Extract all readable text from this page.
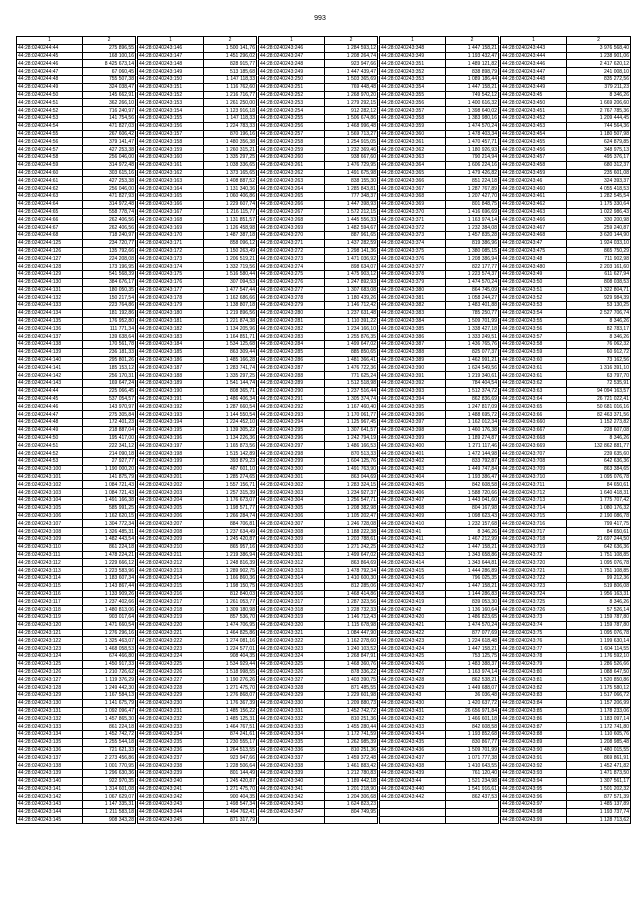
993
1	2		1	2		1	2		1	2		1	2
44:28:0240244:44	275 896,55		44:28:0240243:146	1 500 141,76		44:28:0240243:246	1 284 593,12		44:28:0240243:348	1 447 158,21		44:28:0240243:443	3 976 568,40
44:28:0240244:45	168 100,16		44:28:0240243:147	1 451 296,02		44:28:0240243:247	1 208 264,74		44:28:0240243:349	1 193 432,47		44:28:0240243:444	1 238 901,06
44:28:0240244:46	8 425 673,14		44:28:0240243:148	828 915,77		44:28:0240243:248	923 947,66		44:28:0240243:351	1 489 121,82		44:28:0240243:446	2 417 620,12
44:28:0240244:47	67 060,45		44:28:0240243:149	513 185,68		44:28:0240243:249	1 447 439,47		44:28:0240243:352	838 898,79		44:28:0240243:447	241 008,10
44:28:0240244:48	755 507,38		44:28:0240243:150	1 147 118,33		44:28:0240243:250	1 503 365,69		44:28:0240243:353	1 089 186,44		44:28:0240243:448	835 272,56
44:28:0240244:49	324 038,47		44:28:0240243:151	1 116 762,60		44:28:0240243:251	769 448,48		44:28:0240243:354	1 447 158,21		44:28:0240243:449	379 211,23
44:28:0240244:50	145 662,91		44:28:0240243:152	1 216 716,77		44:28:0240243:252	1 268 970,20		44:28:0240243:355	749 542,12		44:28:0240243:45	8 346,26
44:28:0240244:51	362 266,10		44:28:0240243:153	1 261 250,00		44:28:0240243:253	1 279 292,15		44:28:0240243:356	1 400 616,32		44:28:0240243:450	1 669 206,60
44:28:0240244:52	716 240,97		44:28:0240243:154	1 123 916,18		44:28:0240243:254	912 282,12		44:28:0240243:357	1 398 640,02		44:28:0240243:451	2 767 785,36
44:28:0240244:53	141 754,56		44:28:0240243:155	1 147 118,33		44:28:0240243:255	1 506 674,86		44:28:0240243:358	1 383 980,16		44:28:0240243:452	1 209 444,45
44:28:0240244:54	471 827,03		44:28:0240243:156	1 224 783,33		44:28:0240243:256	1 468 996,48		44:28:0240243:359	1 474 570,24		44:28:0240243:453	744 564,36
44:28:0240244:55	267 606,42		44:28:0240243:157	870 196,16		44:28:0240243:257	1 569 713,27		44:28:0240243:360	1 478 403,34		44:28:0240243:454	1 180 507,98
44:28:0240244:56	379 141,47		44:28:0240243:158	1 480 356,38		44:28:0240243:258	1 254 915,05		44:28:0240243:361	1 470 457,71		44:28:0240243:455	624 879,85
44:28:0240244:57	427 253,38		44:28:0240243:159	1 260 315,21		44:28:0240243:259	1 232 369,46		44:28:0240243:362	1 180 926,93		44:28:0240243:456	348 975,13
44:28:0240244:58	256 046,00		44:28:0240243:160	1 335 297,25		44:28:0240243:260	938 667,60		44:28:0240243:363	790 214,94		44:28:0240243:457	495 376,17
44:28:0240244:59	314 972,48		44:28:0240243:161	1 038 336,65		44:28:0240243:261	1 476 729,95		44:28:0240243:364	1 606 224,16		44:28:0240243:458	680 312,37
44:28:0240244:60	303 615,16		44:28:0240243:162	1 373 165,65		44:28:0240243:262	1 491 675,98		44:28:0240243:365	1 479 426,82		44:28:0240243:459	235 601,08
44:28:0240244:61	427 253,38		44:28:0240243:163	1 408 887,52		44:28:0240243:263	838 155,30		44:28:0240243:366	851 224,18		44:28:0240243:46	324 393,37
44:28:0240244:62	256 046,00		44:28:0240243:164	1 131 340,36		44:28:0240243:264	1 285 843,81		44:28:0240243:367	1 287 767,89		44:28:0240243:460	4 055 418,53
44:28:0240244:63	471 827,93		44:28:0240243:165	1 060 406,86		44:28:0240243:265	777 348,37		44:28:0240243:368	1 207 427,70		44:28:0240243:461	1 282 545,54
44:28:0240244:64	314 972,48		44:28:0240243:166	1 229 607,74		44:28:0240243:266	1 447 398,93		44:28:0240243:369	801 848,75		44:28:0240243:462	1 175 330,64
44:28:0240244:65	558 778,74		44:28:0240243:167	1 216 115,77		44:28:0240243:267	1 572 212,15		44:28:0240243:370	1 416 696,69		44:28:0240243:463	1 022 986,43
44:28:0240244:66	262 406,56		44:28:0240243:168	1 131 851,57		44:28:0240243:268	1 445 556,33		44:28:0240243:371	1 163 974,14		44:28:0240243:466	330 200,98
44:28:0240244:67	262 406,56		44:28:0240243:169	1 126 458,98		44:28:0240243:269	1 482 594,67		44:28:0240243:372	1 232 384,08		44:28:0240243:467	259 240,87
44:28:0240244:68	718 240,97		44:28:0240243:170	1 487 387,18		44:28:0240243:270	887 961,65		44:28:0240243:373	1 457 835,28		44:28:0240243:468	3 620 144,90
44:28:0240244:125	234 720,77		44:28:0240243:171	858 096,12		44:28:0240243:271	1 437 282,59		44:28:0240243:374	819 386,96		44:28:0240243:47	1 924 033,10
44:28:0240244:126	135 792,66		44:28:0240243:172	1 150 263,49		44:28:0240243:272	1 298 141,36		44:28:0240243:375	1 380 085,15		44:28:0240243:475	865 750,29
44:28:0240244:127	224 208,08		44:28:0240243:173	1 206 519,21		44:28:0240243:273	1 471 036,92		44:28:0240243:376	1 208 386,94		44:28:0240243:48	711 902,98
44:28:0240244:128	173 196,95		44:28:0240243:174	1 332 719,56		44:28:0240243:274	898 634,07		44:28:0240243:377	822 177,77		44:28:0240243:480	2 203 161,60
44:28:0240244:129	541 568,39		44:28:0240243:175	1 516 580,44		44:28:0240243:275	1 475 903,12		44:28:0240243:378	1 223 574,37		44:28:0240243:49	611 627,94
44:28:0240244:130	384 676,17		44:28:0240243:176	307 094,53		44:28:0240243:276	1 247 892,93		44:28:0240243:379	1 474 570,24		44:28:0240243:50	808 038,53
44:28:0240244:131	180 050,35		44:28:0240243:177	1 477 547,44		44:28:0240243:277	1 307 683,08		44:28:0240243:380	864 745,09		44:28:0240243:51	1 322 804,71
44:28:0240244:132	150 217,54		44:28:0240243:178	1 162 686,66		44:28:0240243:278	1 180 439,26		44:28:0240243:381	1 058 244,27		44:28:0240243:52	929 984,39
44:28:0240244:133	223 764,86		44:28:0240243:179	1 138 807,18		44:28:0240243:279	1 146 712,42		44:28:0240243:382	1 483 401,88		44:28:0240243:53	53 130,25
44:28:0240244:134	181 192,86		44:28:0240243:180	1 219 896,56		44:28:0240243:280	1 237 631,48		44:28:0240243:383	785 250,77		44:28:0240243:54	2 527 706,74
44:28:0240244:135	176 952,80		44:28:0240243:181	1 221 874,38		44:28:0240243:281	1 110 391,22		44:28:0240243:384	1 509 701,99		44:28:0240243:55	8 346,26
44:28:0240244:136	111 771,34		44:28:0240243:182	1 134 205,96		44:28:0240243:282	1 234 166,10		44:28:0240243:385	1 338 427,18		44:28:0240243:56	82 783,17
44:28:0240244:137	139 638,64		44:28:0240243:183	1 164 851,71		44:28:0240243:283	1 255 876,35		44:28:0240243:386	1 333 249,51		44:28:0240243:57	8 346,26
44:28:0240244:138	170 561,78		44:28:0240243:184	1 534 125,68		44:28:0240243:284	1 499 647,02		44:28:0240243:387	1 436 765,76		44:28:0240243:58	76 062,32
44:28:0240244:139	236 181,33		44:28:0240243:185	863 309,44		44:28:0240243:285	885 850,65		44:28:0240243:388	825 077,37		44:28:0240243:59	60 912,72
44:28:0240244:140	295 801,26		44:28:0240243:186	1 485 166,28		44:28:0240243:286	1 481 366,41		44:28:0240243:389	1 462 991,21		44:28:0240243:60	73 162,56
44:28:0240244:141	185 153,12		44:28:0240243:187	1 283 741,74		44:28:0240243:287	1 476 722,36		44:28:0240243:390	1 624 549,56		44:28:0240243:61	1 316 391,10
44:28:0240244:142	256 170,31		44:28:0240243:188	1 335 297,25		44:28:0240243:288	771 625,24		44:28:0240243:391	1 219 340,61		44:28:0240243:61	63 797,70
44:28:0240244:143	169 647,24		44:28:0240243:189	1 541 144,74		44:28:0240243:289	1 512 518,98		44:28:0240243:392	784 404,54		44:28:0240243:62	72 535,91
44:28:0240244:44	225 066,45		44:28:0240243:190	808 365,71		44:28:0240243:290	1 237 516,44		44:28:0240243:393	1 512 374,72		44:28:0240243:63	94 094 163,57
44:28:0240244:45	537 054,57		44:28:0240243:191	1 486 406,34		44:28:0240243:291	1 305 374,74		44:28:0240243:394	862 836,69		44:28:0240243:64	26 721 022,41
44:28:0240244:46	143 970,97		44:28:0240243:192	1 287 660,54		44:28:0240243:292	1 167 460,40		44:28:0240243:395	1 247 817,09		44:28:0240243:65	50 681 016,16
44:28:0240244:47	275 305,84		44:28:0240243:193	1 144 550,54		44:28:0240243:293	1 170 061,77		44:28:0240243:396	1 488 695,72		44:28:0240243:66	82 463 371,56
44:28:0240244:48	172 401,23		44:28:0240243:194	1 224 452,10		44:28:0240243:294	1 125 967,45		44:28:0240243:397	1 162 012,34		44:28:0240243:660	1 152 273,82
44:28:0240244:49	218 887,04		44:28:0240243:195	1 139 305,22		44:28:0240243:295	1 307 641,57		44:28:0240243:398	1 460 176,38		44:28:0240243:667	228 607,08
44:28:0240244:50	195 417,00		44:28:0240243:196	1 134 226,36		44:28:0240243:296	1 242 794,19		44:28:0240243:399	1 189 274,87		44:28:0240243:668	8 346,26
44:28:0240244:51	222 341,12		44:28:0240243:197	1 165 873,56		44:28:0240243:297	1 486 166,53		44:28:0240243:400	1 271 117,46		44:28:0240243:669	132 862 881,77
44:28:0240244:52	214 090,18		44:28:0240243:198	1 515 142,89		44:28:0240243:298	870 513,33		44:28:0240243:401	1 472 144,98		44:28:0240243:707	239 635,60
44:28:0240244:53	27 927,77		44:28:0240243:199	393 879,23		44:28:0240243:299	1 604 125,76		44:28:0240243:402	833 792,87		44:28:0240243:708	642 636,36
44:28:0240243:100	1 190 000,20		44:28:0240243:200	487 601,10		44:28:0240243:300	1 491 763,90		44:28:0240243:403	1 449 747,84		44:28:0240243:709	863 384,65
44:28:0240243:101	141 875,79		44:28:0240243:201	1 285 274,65		44:28:0240243:301	863 044,69		44:28:0240243:404	1 193 386,47		44:28:0240243:710	1 095 076,78
44:28:0240243:102	1 084 721,43		44:28:0240243:202	1 557 156,71		44:28:0240243:302	1 283 324,15		44:28:0240243:405	842 608,58		44:28:0240243:711	84 650,61
44:28:0240243:103	1 084 721,43		44:28:0240243:203	1 257 315,39		44:28:0240243:303	1 234 927,37		44:28:0240243:406	1 588 720,66		44:28:0240243:712	1 640 418,31
44:28:0240243:104	1 491 166,38		44:28:0240243:204	1 176 673,07		44:28:0240243:304	1 256 547,71		44:28:0240243:407	1 443 041,60		44:28:0240243:713	1 775 707,42
44:28:0240243:105	585 991,25		44:28:0240243:205	1 198 571,77		44:28:0240243:305	1 208 382,98		44:28:0240243:408	804 167,98		44:28:0240243:714	1 080 176,32
44:28:0240243:106	1 162 620,15		44:28:0240243:206	1 266 284,74		44:28:0240243:306	1 105 202,47		44:28:0240243:409	1 098 623,43		44:28:0240243:715	2 190 086,78
44:28:0240243:107	1 304 772,34		44:28:0240243:207	884 706,81		44:28:0240243:307	1 246 728,08		44:28:0240243:410	1 232 157,68		44:28:0240243:716	799 417,75
44:28:0240243:108	1 326 485,31		44:28:0240243:208	1 237 634,49		44:28:0240243:308	1 188 222,38		44:28:0240243:41	8 346,26		44:28:0240243:717	84 650,61
44:28:0240243:109	1 482 443,54		44:28:0240243:209	1 245 420,87		44:28:0240243:309	1 203 788,61		44:28:0240243:411	1 467 212,99		44:28:0240243:718	21 697 244,50
44:28:0240243:110	861 224,18		44:28:0240243:210	865 957,16		44:28:0240243:310	1 271 242,25		44:28:0240243:412	1 447 158,21		44:28:0240243:719	642 636,36
44:28:0240243:111	1 478 224,21		44:28:0240243:211	1 219 386,94		44:28:0240243:311	1 499 647,02		44:28:0240243:413	1 343 658,86		44:28:0240243:72	1 751 108,85
44:28:0240243:112	1 229 666,12		44:28:0240243:212	1 248 816,39		44:28:0240243:312	863 864,69		44:28:0240243:414	1 343 644,81		44:28:0240243:720	1 095 076,78
44:28:0240243:113	1 223 583,96		44:28:0240243:213	1 289 902,75		44:28:0240243:313	1 478 792,34		44:28:0240243:415	1 444 286,89		44:28:0240243:721	1 751 108,85
44:28:0240243:114	1 183 607,34		44:28:0240243:214	1 166 860,36		44:28:0240243:314	1 410 600,30		44:28:0240243:416	796 025,35		44:28:0240243:722	99 212,36
44:28:0240243:115	1 143 867,44		44:28:0240243:215	1 198 150,75		44:28:0240243:315	812 285,06		44:28:0240243:417	1 447 158,21		44:28:0240243:723	519 806,08
44:28:0240243:116	1 133 909,26		44:28:0240243:216	812 840,03		44:28:0240243:316	1 468 414,86		44:28:0240243:418	1 144 286,83		44:28:0240243:724	1 956 163,31
44:28:0240243:117	1 237 402,66		44:28:0240243:217	1 261 053,77		44:28:0240243:317	1 287 323,56		44:28:0240243:419	839 053,30		44:28:0240243:725	8 346,26
44:28:0240243:118	1 480 813,06		44:28:0240243:218	1 309 180,98		44:28:0240243:318	1 228 732,33		44:28:0240243:42	1 136 160,64		44:28:0240243:726	57 526,14
44:28:0240243:119	903 017,64		44:28:0240243:219	857 536,70		44:28:0240243:319	1 146 712,43		44:28:0240243:420	1 486 823,65		44:28:0240243:73	1 159 787,80
44:28:0240243:120	1 471 660,54		44:28:0240243:220	1 474 706,95		44:28:0240243:320	1 115 678,98		44:28:0240243:421	1 474 570,24		44:28:0240243:74	1 159 787,80
44:28:0240243:121	1 276 296,16		44:28:0240243:221	1 464 825,86		44:28:0240243:321	1 084 447,90		44:28:0240243:422	877 077,69		44:28:0240243:75	1 095 076,78
44:28:0240243:122	1 325 463,07		44:28:0240243:222	1 274 081,16		44:28:0240243:322	1 162 278,60		44:28:0240243:423	1 224 618,48		44:28:0240243:76	1 199 630,14
44:28:0240243:123	1 468 058,53		44:28:0240243:223	1 224 577,01		44:28:0240243:323	1 240 103,52		44:28:0240243:424	1 447 158,21		44:28:0240243:77	1 604 114,55
44:28:0240243:124	674 466,80		44:28:0240243:224	908 404,35		44:28:0240243:324	1 268 847,91		44:28:0240243:425	753 125,75		44:28:0240243:78	1 176 592,10
44:28:0240243:125	1 450 917,33		44:28:0240243:225	1 534 929,44		44:28:0240243:325	1 468 360,76		44:28:0240243:426	1 483 388,37		44:28:0240243:79	1 286 526,66
44:28:0240243:126	1 210 726,62		44:28:0240243:226	1 518 998,55		44:28:0240243:326	878 336,22		44:28:0240243:427	1 163 974,14		44:28:0240243:80	1 088 647,50
44:28:0240243:127	1 119 376,29		44:28:0240243:227	1 190 276,26		44:28:0240243:327	1 403 390,75		44:28:0240243:428	862 538,21		44:28:0240243:81	1 520 850,86
44:28:0240243:128	1 249 442,30		44:28:0240243:228	1 271 475,70		44:28:0240243:328	871 485,55		44:28:0240243:429	1 449 688,07		44:28:0240243:82	1 175 580,12
44:28:0240243:129	1 167 584,13		44:28:0240243:229	1 276 868,07		44:28:0240243:329	1 229 601,98		44:28:0240243:43	36 036,48		44:28:0240243:83	1 517 066,72
44:28:0240243:130	1 141 675,79		44:28:0240243:230	1 176 367,39		44:28:0240243:330	1 209 880,73		44:28:0240243:430	1 420 637,72		44:28:0240243:84	1 157 206,99
44:28:0240243:131	1 092 096,47		44:28:0240243:231	1 485 156,22		44:28:0240243:331	1 452 742,72		44:28:0240243:431	26 656 971,84		44:28:0240243:85	1 178 233,06
44:28:0240243:132	1 457 865,30		44:28:0240243:232	1 485 125,31		44:28:0240243:332	810 251,36		44:28:0240243:432	1 466 601,18		44:28:0240243:86	1 183 097,14
44:28:0240243:133	861 224,18		44:28:0240243:233	1 464 767,51		44:28:0240243:333	1 455 280,44		44:28:0240243:433	842 608,58		44:28:0240243:87	1 172 741,80
44:28:0240243:134	1 452 742,72		44:28:0240243:234	874 241,61		44:28:0240243:334	1 172 741,59		44:28:0240243:434	1 193 852,68		44:28:0240243:88	1 110 605,76
44:28:0240243:135	1 255 544,18		44:28:0240243:235	1 230 555,17		44:28:0240243:335	1 262 985,39		44:28:0240243:435	830 867,77		44:28:0240243:89	1 208 985,48
44:28:0240243:136	721 621,33		44:28:0240243:236	1 264 513,55		44:28:0240243:336	810 251,36		44:28:0240243:436	1 509 701,99		44:28:0240243:90	1 480 015,55
44:28:0240243:137	2 273 456,86		44:28:0240243:237	923 947,66		44:28:0240243:337	1 459 372,48		44:28:0240243:437	1 071 777,38		44:28:0240243:91	869 861,91
44:28:0240243:138	1 001 770,95		44:28:0240243:238	1 228 506,64		44:28:0240243:338	1 461 883,42		44:28:0240243:438	1 410 643,55		44:28:0240243:92	1 452 471,82
44:28:0240243:139	1 296 630,36		44:28:0240243:239	801 144,49		44:28:0240243:339	1 212 780,83		44:28:0240243:439	761 120,40		44:28:0240243:93	1 471 873,50
44:28:0240243:140	922 970,35		44:28:0240243:240	1 245 420,87		44:28:0240243:340	1 189 442,18		44:28:0240243:44	1 521 234,98		44:28:0240243:94	1 307 561,17
44:28:0240243:141	1 314 601,08		44:28:0240243:241	1 271 475,70		44:28:0240243:341	1 201 218,90		44:28:0240243:440	1 541 916,61		44:28:0240243:95	1 501 202,32
44:28:0240243:142	1 067 629,07		44:28:0240243:242	900 404,35		44:28:0240243:342	1 204 306,68		44:28:0240243:442	862 437,53		44:28:0240243:96	877 571,39
44:28:0240243:143	1 147 335,31		44:28:0240243:243	1 498 547,34		44:28:0240243:343	1 624 823,23					44:28:0240243:97	1 485 137,89
44:28:0240243:144	1 211 583,18		44:28:0240243:244	1 494 762,41		44:28:0240243:347	804 749,95					44:28:0240243:98	1 193 737,74
44:28:0240243:145	908 343,28		44:28:0240243:245	871 317,79								44:28:0240243:99	1 128 713,62
